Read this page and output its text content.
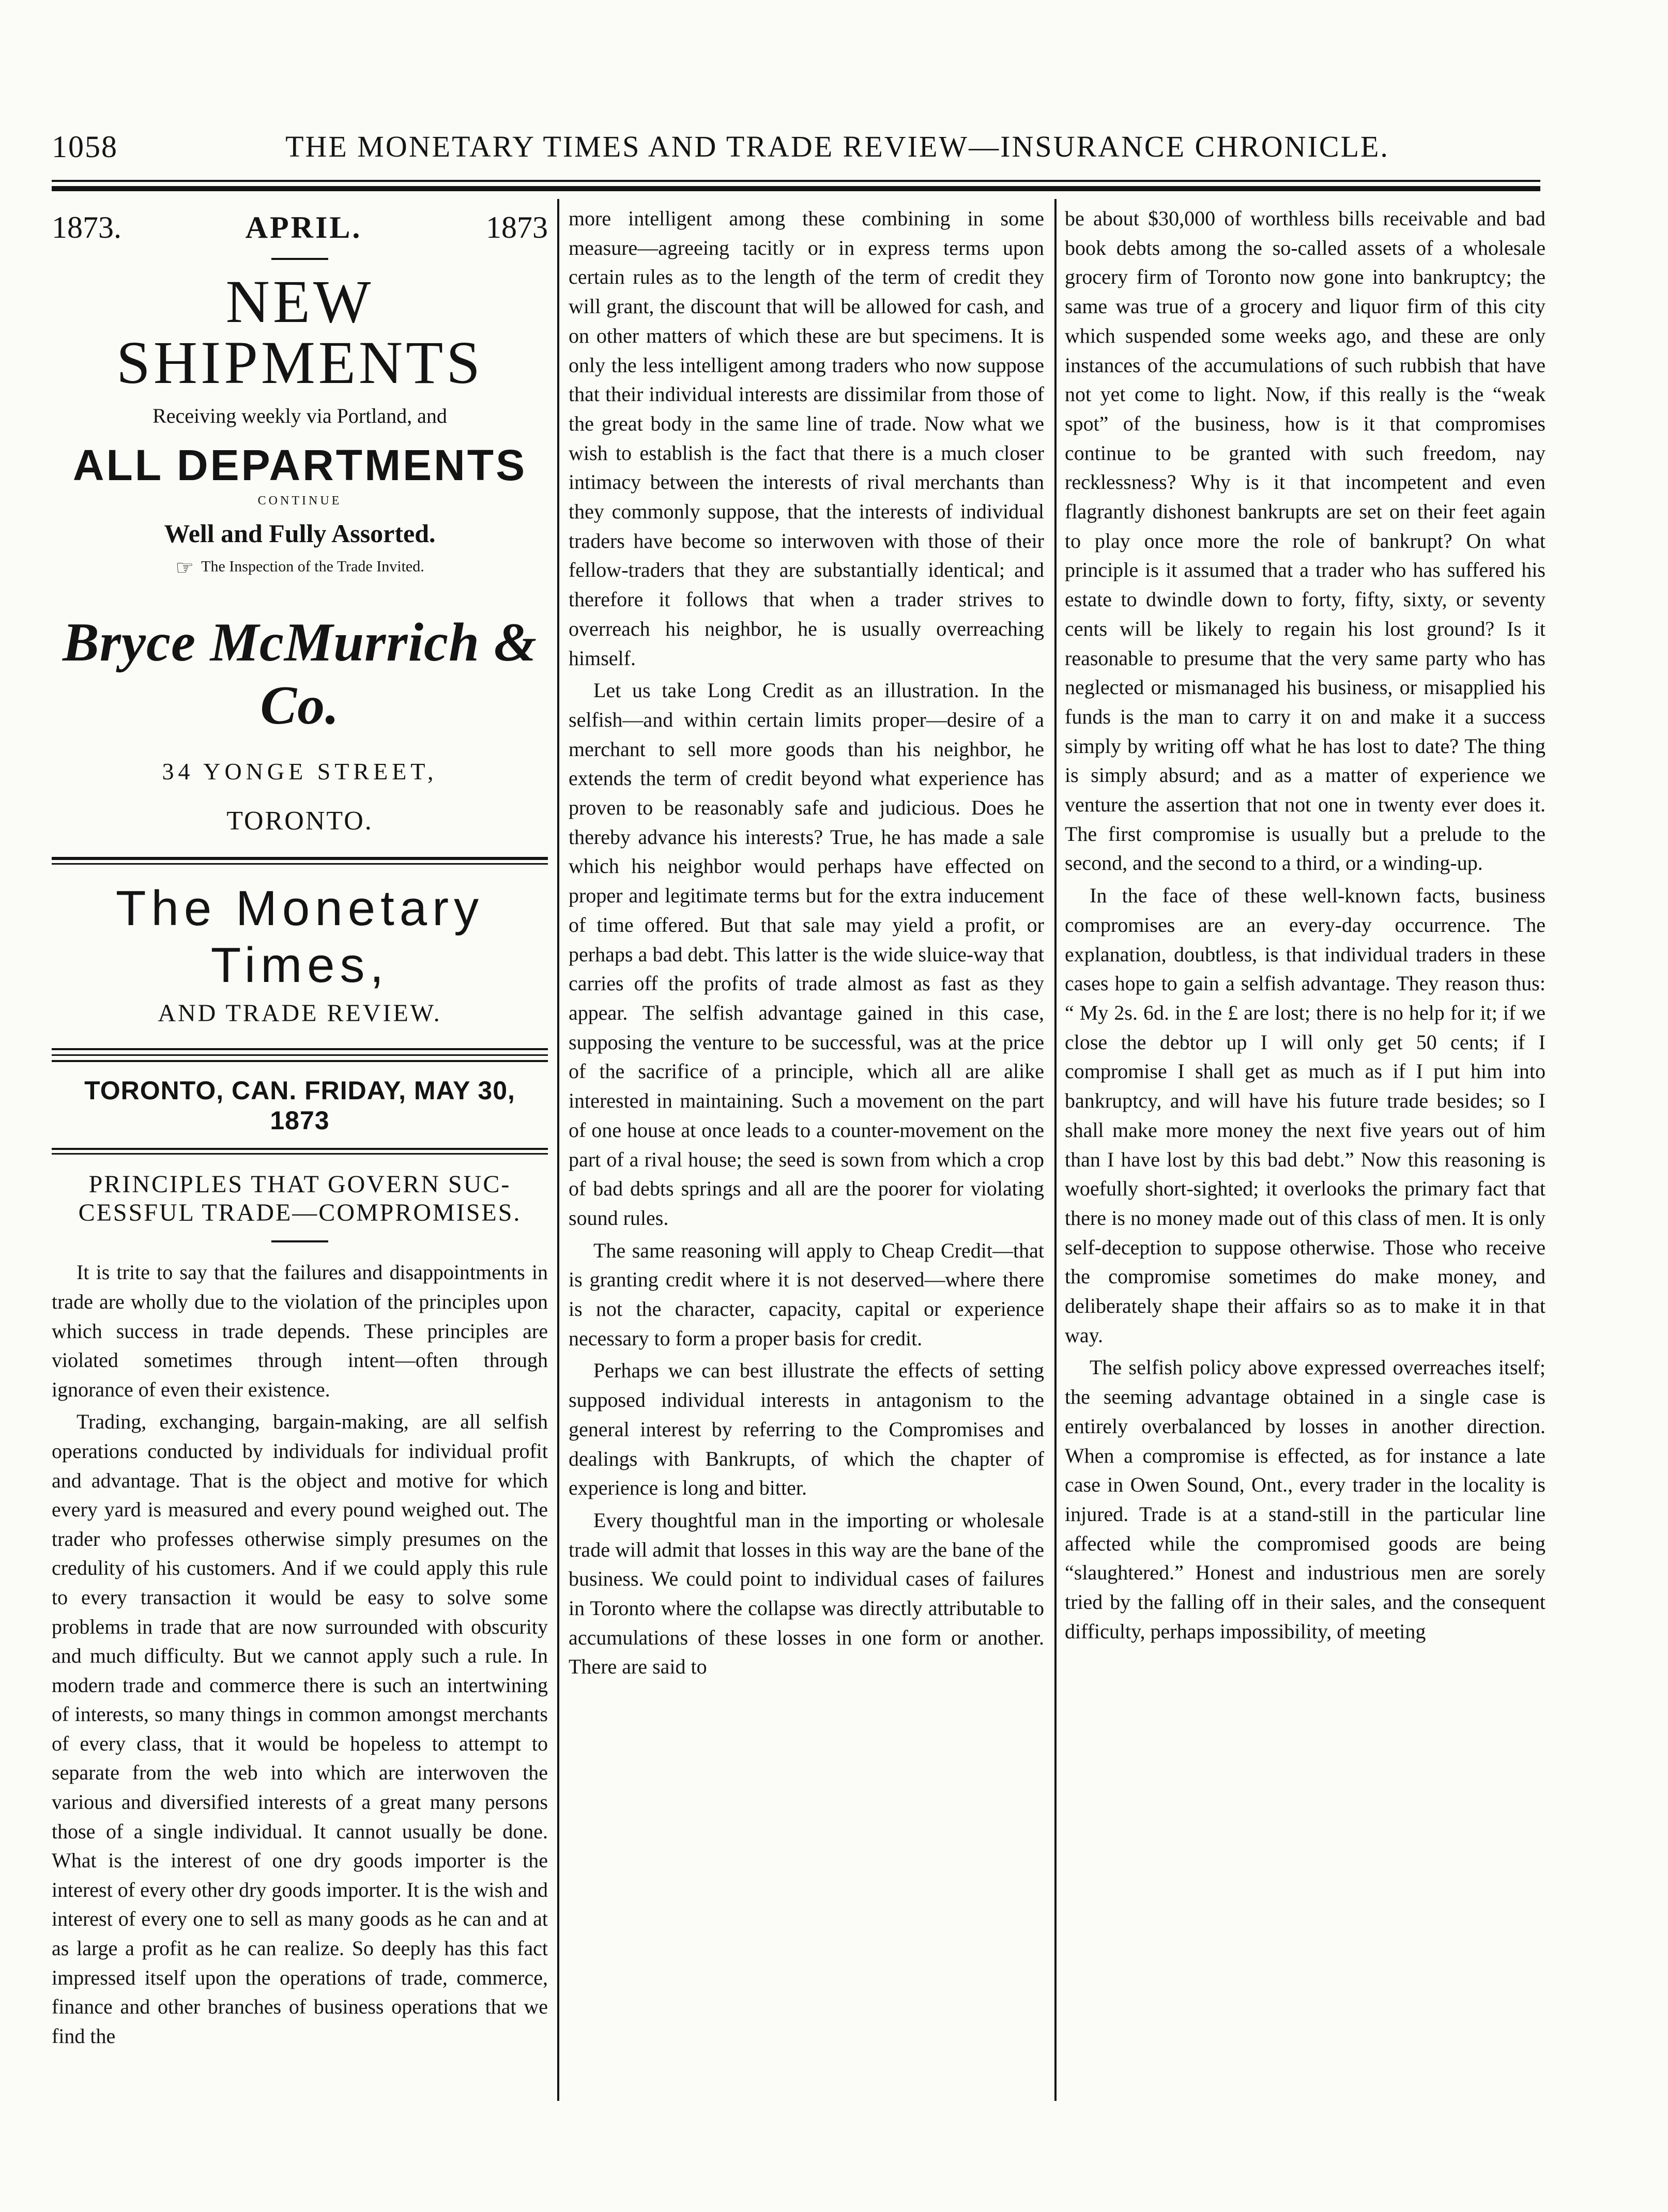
1058	THE MONETARY TIMES AND TRADE REVIEW—INSURANCE CHRONICLE.
1873.	APRIL.	1873
NEW SHIPMENTS
Receiving weekly via Portland, and
ALL DEPARTMENTS
CONTINUE
Well and Fully Assorted.
☞ The Inspection of the Trade Invited.
Bryce McMurrich & Co.
34 YONGE STREET,
TORONTO.
The Monetary Times,
AND TRADE REVIEW.
TORONTO, CAN. FRIDAY, MAY 30, 1873
PRINCIPLES THAT GOVERN SUC-
CESSFUL TRADE—COMPROMISES.

It is trite to say that the failures and disappointments in trade are wholly due to the violation of the principles upon which success in trade depends. These principles are violated sometimes through intent—often through ignorance of even their existence.

Trading, exchanging, bargain-making, are all selfish operations conducted by individuals for individual profit and advantage. That is the object and motive for which every yard is measured and every pound weighed out. The trader who professes otherwise simply presumes on the credulity of his customers. And if we could apply this rule to every transaction it would be easy to solve some problems in trade that are now surrounded with obscurity and much difficulty. But we cannot apply such a rule. In modern trade and commerce there is such an intertwining of interests, so many things in common amongst merchants of every class, that it would be hopeless to attempt to separate from the web into which are interwoven the various and diversified interests of a great many persons those of a single individual. It cannot usually be done. What is the interest of one dry goods importer is the interest of every other dry goods importer. It is the wish and interest of every one to sell as many goods as he can and at as large a profit as he can realize. So deeply has this fact impressed itself upon the operations of trade, commerce, finance and other branches of business operations that we find the

more intelligent among these combining in some measure—agreeing tacitly or in express terms upon certain rules as to the length of the term of credit they will grant, the discount that will be allowed for cash, and on other matters of which these are but specimens. It is only the less intelligent among traders who now suppose that their individual interests are dissimilar from those of the great body in the same line of trade. Now what we wish to establish is the fact that there is a much closer intimacy between the interests of rival merchants than they commonly suppose, that the interests of individual traders have become so interwoven with those of their fellow-traders that they are substantially identical; and therefore it follows that when a trader strives to overreach his neighbor, he is usually overreaching himself.

Let us take Long Credit as an illustration. In the selfish—and within certain limits proper—desire of a merchant to sell more goods than his neighbor, he extends the term of credit beyond what experience has proven to be reasonably safe and judicious. Does he thereby advance his interests? True, he has made a sale which his neighbor would perhaps have effected on proper and legitimate terms but for the extra inducement of time offered. But that sale may yield a profit, or perhaps a bad debt. This latter is the wide sluice-way that carries off the profits of trade almost as fast as they appear. The selfish advantage gained in this case, supposing the venture to be successful, was at the price of the sacrifice of a principle, which all are alike interested in maintaining. Such a movement on the part of one house at once leads to a counter-movement on the part of a rival house; the seed is sown from which a crop of bad debts springs and all are the poorer for violating sound rules.

The same reasoning will apply to Cheap Credit—that is granting credit where it is not deserved—where there is not the character, capacity, capital or experience necessary to form a proper basis for credit.

Perhaps we can best illustrate the effects of setting supposed individual interests in antagonism to the general interest by referring to the Compromises and dealings with Bankrupts, of which the chapter of experience is long and bitter.

Every thoughtful man in the importing or wholesale trade will admit that losses in this way are the bane of the business. We could point to individual cases of failures in Toronto where the collapse was directly attributable to accumulations of these losses in one form or another. There are said to

be about $30,000 of worthless bills receivable and bad book debts among the so-called assets of a wholesale grocery firm of Toronto now gone into bankruptcy; the same was true of a grocery and liquor firm of this city which suspended some weeks ago, and these are only instances of the accumulations of such rubbish that have not yet come to light. Now, if this really is the “weak spot” of the business, how is it that compromises continue to be granted with such freedom, nay recklessness? Why is it that incompetent and even flagrantly dishonest bankrupts are set on their feet again to play once more the role of bankrupt? On what principle is it assumed that a trader who has suffered his estate to dwindle down to forty, fifty, sixty, or seventy cents will be likely to regain his lost ground? Is it reasonable to presume that the very same party who has neglected or mismanaged his business, or misapplied his funds is the man to carry it on and make it a success simply by writing off what he has lost to date? The thing is simply absurd; and as a matter of experience we venture the assertion that not one in twenty ever does it. The first compromise is usually but a prelude to the second, and the second to a third, or a winding-up.

In the face of these well-known facts, business compromises are an every-day occurrence. The explanation, doubtless, is that individual traders in these cases hope to gain a selfish advantage. They reason thus: “ My 2s. 6d. in the £ are lost; there is no help for it; if we close the debtor up I will only get 50 cents; if I compromise I shall get as much as if I put him into bankruptcy, and will have his future trade besides; so I shall make more money the next five years out of him than I have lost by this bad debt.” Now this reasoning is woefully short-sighted; it overlooks the primary fact that there is no money made out of this class of men. It is only self-deception to suppose otherwise. Those who receive the compromise sometimes do make money, and deliberately shape their affairs so as to make it in that way.

The selfish policy above expressed overreaches itself; the seeming advantage obtained in a single case is entirely overbalanced by losses in another direction. When a compromise is effected, as for instance a late case in Owen Sound, Ont., every trader in the locality is injured. Trade is at a stand-still in the particular line affected while the compromised goods are being “slaughtered.” Honest and industrious men are sorely tried by the falling off in their sales, and the consequent difficulty, perhaps impossibility, of meeting
